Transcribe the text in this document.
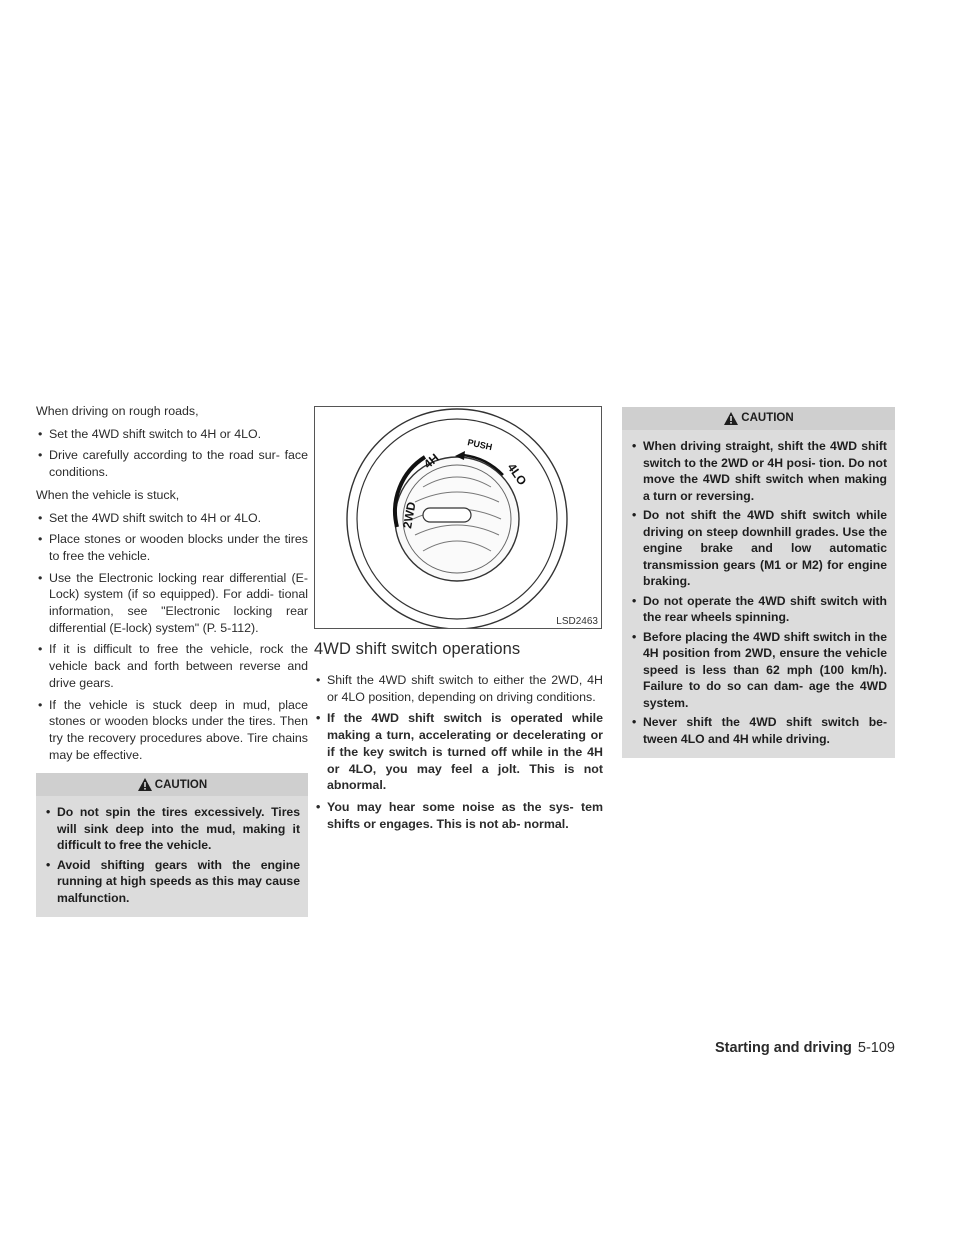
When driving on rough roads,

• Set the 4WD shift switch to 4H or 4LO.
• Drive carefully according to the road sur- face conditions.

When the vehicle is stuck,

• Set the 4WD shift switch to 4H or 4LO.
• Place stones or wooden blocks under the tires to free the vehicle.
• Use the Electronic locking rear differential (E-Lock) system (if so equipped). For addi- tional information, see "Electronic locking rear differential (E-lock) system" (P. 5-112).
• If it is difficult to free the vehicle, rock the vehicle back and forth between reverse and drive gears.
• If the vehicle is stuck deep in mud, place stones or wooden blocks under the tires. Then try the recovery procedures above. Tire chains may be effective.
CAUTION
• Do not spin the tires excessively. Tires will sink deep into the mud, making it difficult to free the vehicle.
• Avoid shifting gears with the engine running at high speeds as this may cause malfunction.
2WD
4H
PUSH
4LO
LSD2463
4WD shift switch operations
• Shift the 4WD shift switch to either the 2WD, 4H or 4LO position, depending on driving conditions.
• If the 4WD shift switch is operated while making a turn, accelerating or decelerating or if the key switch is turned off while in the 4H or 4LO, you may feel a jolt. This is not abnormal.
• You may hear some noise as the sys- tem shifts or engages. This is not ab- normal.
CAUTION
• When driving straight, shift the 4WD shift switch to the 2WD or 4H posi- tion. Do not move the 4WD shift switch when making a turn or reversing.
• Do not shift the 4WD shift switch while driving on steep downhill grades. Use the engine brake and low automatic transmission gears (M1 or M2) for engine braking.
• Do not operate the 4WD shift switch with the rear wheels spinning.
• Before placing the 4WD shift switch in the 4H position from 2WD, ensure the vehicle speed is less than 62 mph (100 km/h). Failure to do so can dam- age the 4WD system.
• Never shift the 4WD shift switch be- tween 4LO and 4H while driving.
Starting and driving 5-109
